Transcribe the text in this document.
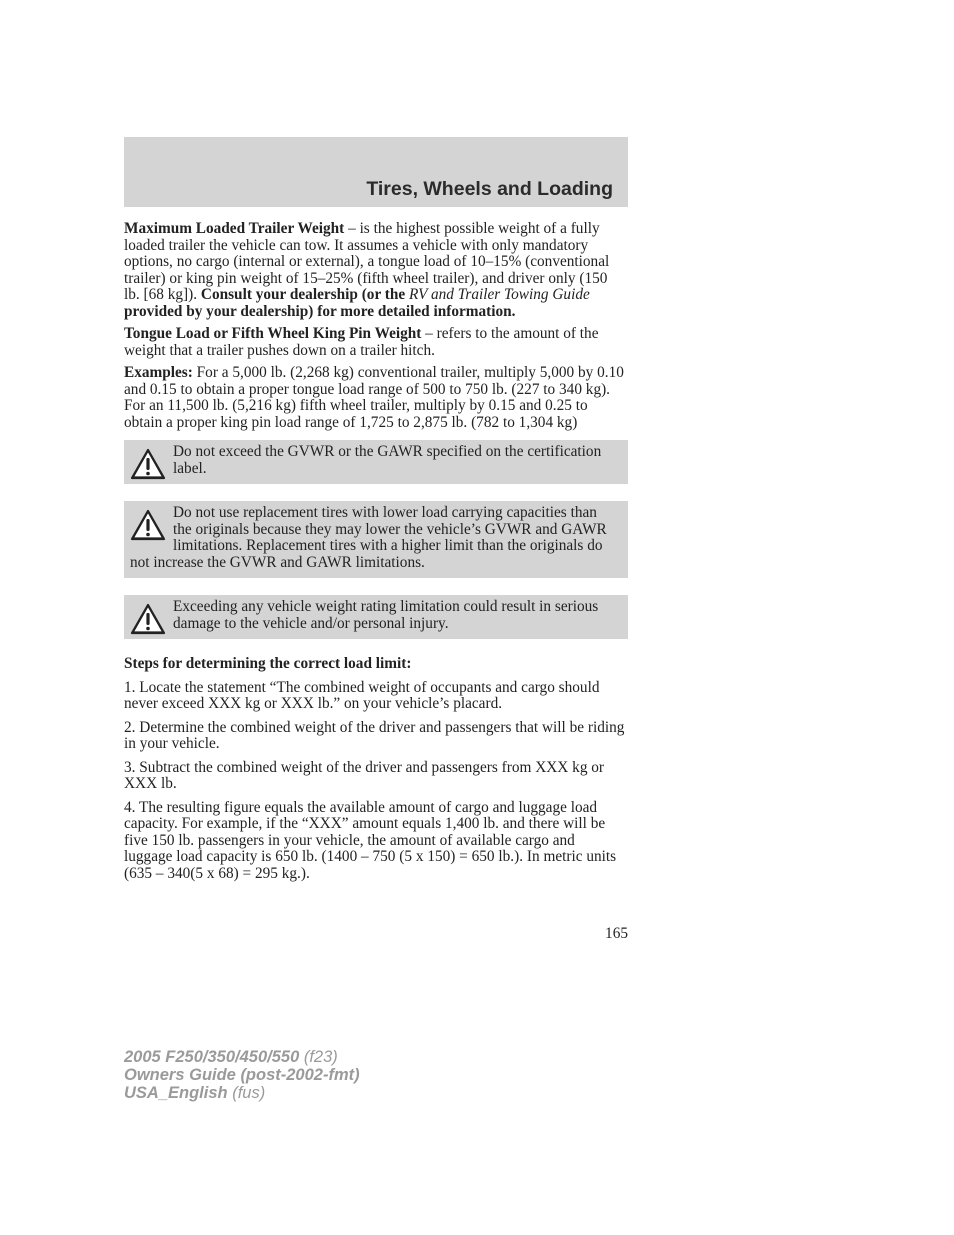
Tires, Wheels and Loading

Maximum Loaded Trailer Weight – is the highest possible weight of a fully loaded trailer the vehicle can tow. It assumes a vehicle with only mandatory options, no cargo (internal or external), a tongue load of 10–15% (conventional trailer) or king pin weight of 15–25% (fifth wheel trailer), and driver only (150 lb. [68 kg]). Consult your dealership (or the RV and Trailer Towing Guide provided by your dealership) for more detailed information.

Tongue Load or Fifth Wheel King Pin Weight – refers to the amount of the weight that a trailer pushes down on a trailer hitch.

Examples: For a 5,000 lb. (2,268 kg) conventional trailer, multiply 5,000 by 0.10 and 0.15 to obtain a proper tongue load range of 500 to 750 lb. (227 to 340 kg). For an 11,500 lb. (5,216 kg) fifth wheel trailer, multiply by 0.15 and 0.25 to obtain a proper king pin load range of 1,725 to 2,875 lb. (782 to 1,304 kg)

Do not exceed the GVWR or the GAWR specified on the certification label.

Do not use replacement tires with lower load carrying capacities than the originals because they may lower the vehicle’s GVWR and GAWR limitations. Replacement tires with a higher limit than the originals do not increase the GVWR and GAWR limitations.

Exceeding any vehicle weight rating limitation could result in serious damage to the vehicle and/or personal injury.

Steps for determining the correct load limit:

1. Locate the statement “The combined weight of occupants and cargo should never exceed XXX kg or XXX lb.” on your vehicle’s placard.

2. Determine the combined weight of the driver and passengers that will be riding in your vehicle.

3. Subtract the combined weight of the driver and passengers from XXX kg or XXX lb.

4. The resulting figure equals the available amount of cargo and luggage load capacity. For example, if the “XXX” amount equals 1,400 lb. and there will be five 150 lb. passengers in your vehicle, the amount of available cargo and luggage load capacity is 650 lb. (1400 – 750 (5 x 150) = 650 lb.). In metric units (635 – 340(5 x 68) = 295 kg.).

165
2005 F250/350/450/550 (f23)
Owners Guide (post-2002-fmt)
USA_English (fus)
